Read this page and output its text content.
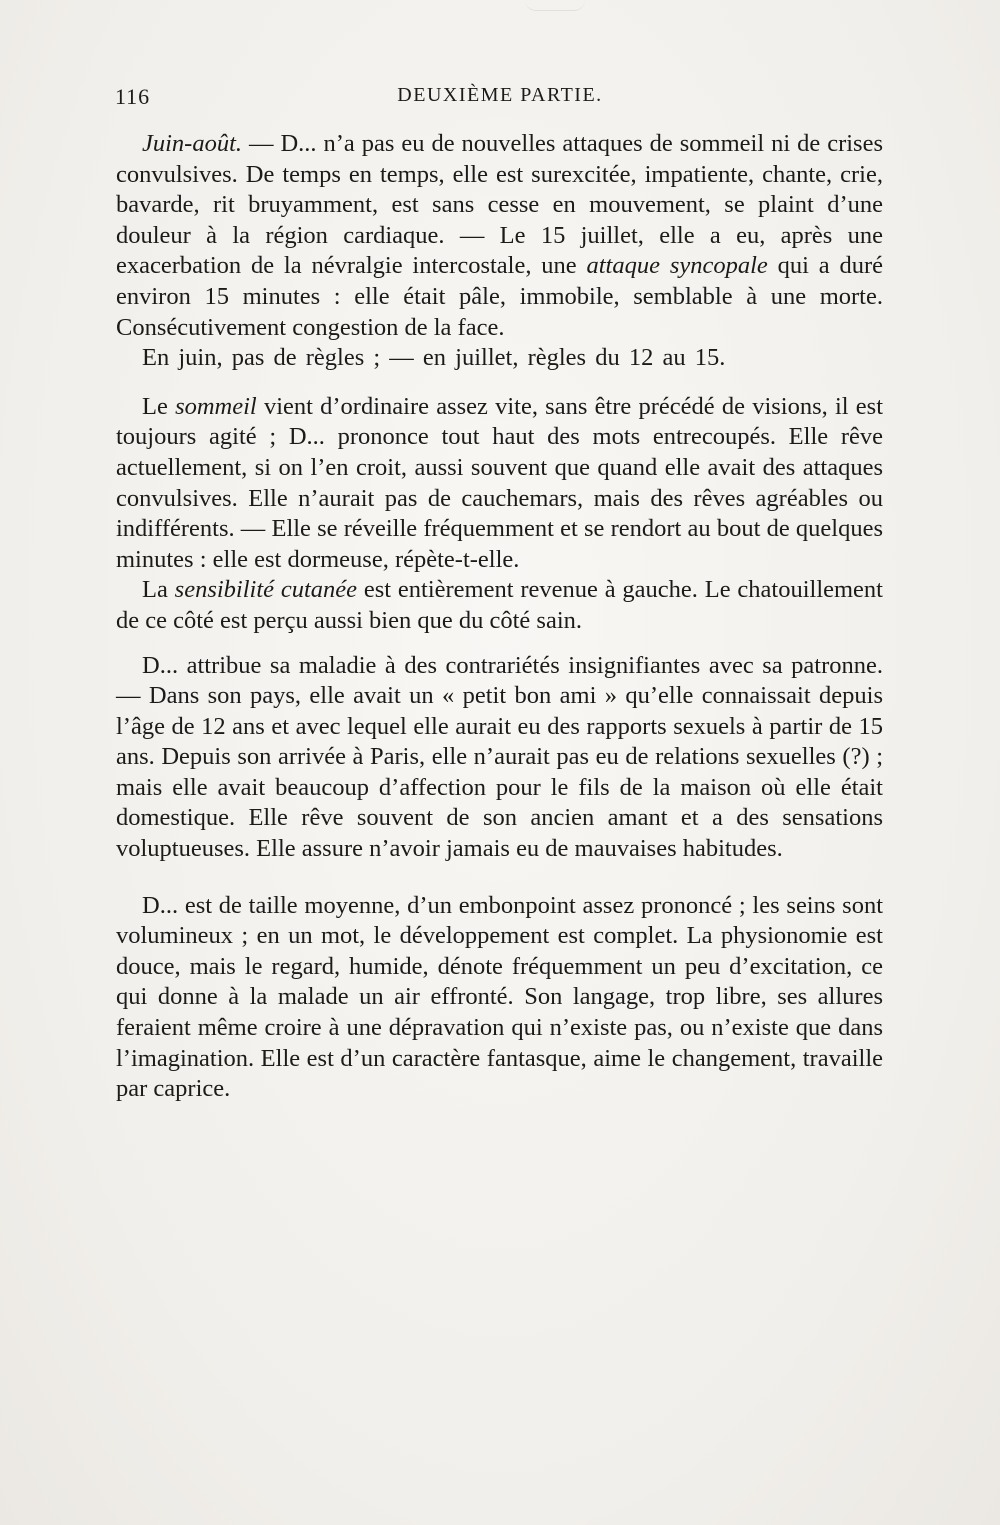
116	DEUXIÈME PARTIE.

Juin-août. — D... n’a pas eu de nouvelles attaques de sommeil ni de crises convulsives. De temps en temps, elle est surexcitée, impatiente, chante, crie, bavarde, rit bruyamment, est sans cesse en mouvement, se plaint d’une douleur à la région cardiaque. — Le 15 juillet, elle a eu, après une exacerbation de la névralgie intercostale, une attaque syncopale qui a duré environ 15 minutes : elle était pâle, immobile, semblable à une morte. Consécutivement congestion de la face.

En juin, pas de règles ; — en juillet, règles du 12 au 15.

Le sommeil vient d’ordinaire assez vite, sans être précédé de visions, il est toujours agité ; D... prononce tout haut des mots entrecoupés. Elle rêve actuellement, si on l’en croit, aussi souvent que quand elle avait des attaques convulsives. Elle n’aurait pas de cauchemars, mais des rêves agréables ou indifférents. — Elle se réveille fréquemment et se rendort au bout de quelques minutes : elle est dormeuse, répète-t-elle.

La sensibilité cutanée est entièrement revenue à gauche. Le chatouillement de ce côté est perçu aussi bien que du côté sain.

D... attribue sa maladie à des contrariétés insignifiantes avec sa patronne. — Dans son pays, elle avait un « petit bon ami » qu’elle connaissait depuis l’âge de 12 ans et avec lequel elle aurait eu des rapports sexuels à partir de 15 ans. Depuis son arrivée à Paris, elle n’aurait pas eu de relations sexuelles (?) ; mais elle avait beaucoup d’affection pour le fils de la maison où elle était domestique. Elle rêve souvent de son ancien amant et a des sensations voluptueuses. Elle assure n’avoir jamais eu de mauvaises habitudes.

D... est de taille moyenne, d’un embonpoint assez prononcé ; les seins sont volumineux ; en un mot, le développement est complet. La physionomie est douce, mais le regard, humide, dénote fréquemment un peu d’excitation, ce qui donne à la malade un air effronté. Son langage, trop libre, ses allures feraient même croire à une dépravation qui n’existe pas, ou n’existe que dans l’imagination. Elle est d’un caractère fantasque, aime le changement, travaille par caprice.
